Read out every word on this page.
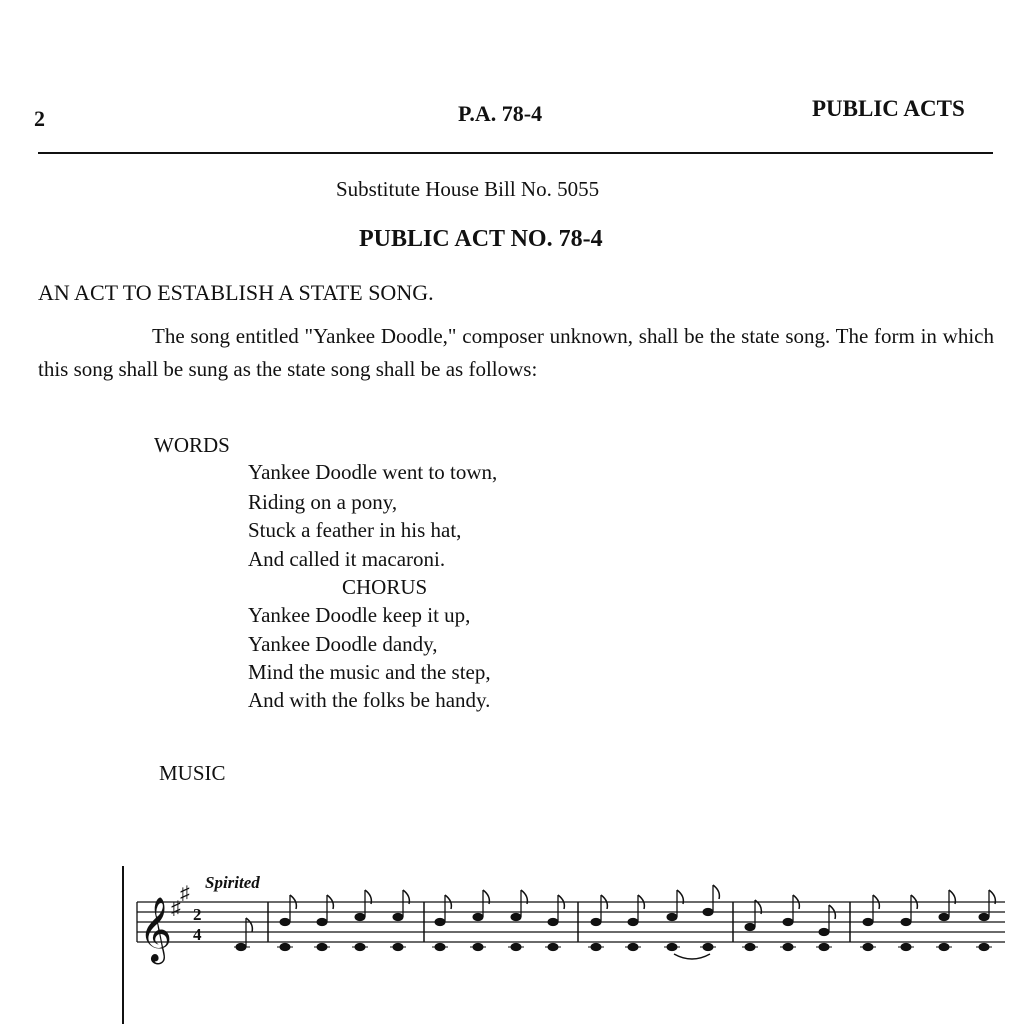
2	P.A. 78-4	PUBLIC ACTS
Substitute House Bill No. 5055
PUBLIC ACT NO. 78-4
AN ACT TO ESTABLISH A STATE SONG.

The song entitled "Yankee Doodle," composer unknown, shall be the state song. The form in which this song shall be sung as the state song shall be as follows:

WORDS
Yankee Doodle went to town,
Riding on a pony,
Stuck a feather in his hat,
And called it macaroni.
CHORUS
Yankee Doodle keep it up,
Yankee Doodle dandy,
Mind the music and the step,
And with the folks be handy.
MUSIC
Spirited
𝄞
♯
♯
2
4
